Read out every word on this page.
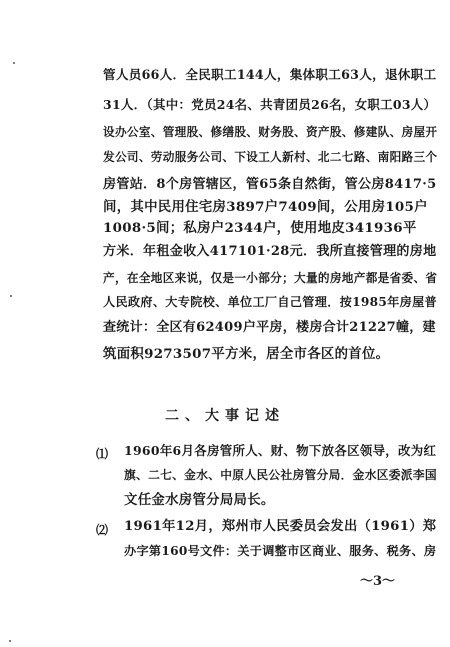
管人员66人．全民职工144人，集体职工63人，退休职工
31人．（其中：党员24名、共青团员26名，女职工03人）
设办公室、管理股、修缮股、财务股、资产股、修建队、房屋开
发公司、劳动服务公司、下设工人新村、北二七路、南阳路三个
房管站．8个房管辖区，管65条自然街，管公房8417·5
间，其中民用住宅房3897户7409间，公用房105户
1008·5间；私房户2344户，使用地皮341936平
方米．年租金收入417101·28元．我所直接管理的房地
产，在全地区来说，仅是一小部分；大量的房地产都是省委、省
人民政府、大专院校、单位工厂自己管理．按1985年房屋普
查统计：全区有62409户平房，楼房合计21227幢，建
筑面积9273507平方米，居全市各区的首位。
二、大事记述
⑴ 1960年6月各房管所人、财、物下放各区领导，改为红
旗、二七、金水、中原人民公社房管分局．金水区委派李国
文任金水房管分局局长。
⑵ 1961年12月，郑州市人民委员会发出（1961）郑
办字第160号文件：关于调整市区商业、服务、税务、房
～3～
